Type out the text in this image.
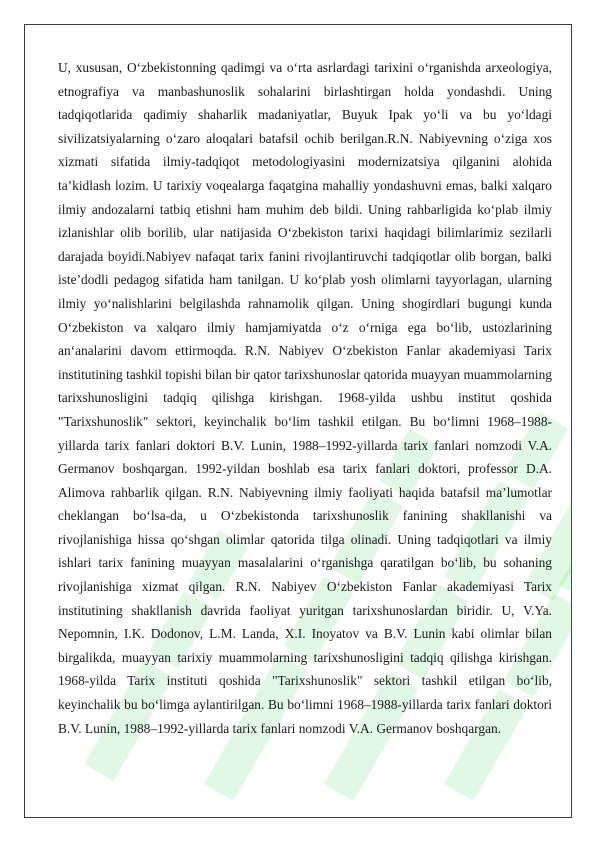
U, xususan, O‘zbekistonning qadimgi va o‘rta asrlardagi tarixini o‘rganishda arxeologiya, etnografiya va manbashunoslik sohalarini birlashtirgan holda yondashdi. Uning tadqiqotlarida qadimiy shaharlik madaniyatlar, Buyuk Ipak yo‘li va bu yo‘ldagi sivilizatsiyalarning o‘zaro aloqalari batafsil ochib berilgan.R.N. Nabiyevning o‘ziga xos xizmati sifatida ilmiy-tadqiqot metodologiyasini modernizatsiya qilganini alohida ta’kidlash lozim. U tarixiy voqealarga faqatgina mahalliy yondashuvni emas, balki xalqaro ilmiy andozalarni tatbiq etishni ham muhim deb bildi. Uning rahbarligida ko‘plab ilmiy izlanishlar olib borilib, ular natijasida O‘zbekiston tarixi haqidagi bilimlarimiz sezilarli darajada boyidi.Nabiyev nafaqat tarix fanini rivojlantiruvchi tadqiqotlar olib borgan, balki iste’dodli pedagog sifatida ham tanilgan. U ko‘plab yosh olimlarni tayyorlagan, ularning ilmiy yo‘nalishlarini belgilashda rahnamolik qilgan. Uning shogirdlari bugungi kunda O‘zbekiston va xalqaro ilmiy hamjamiyatda o‘z o‘rniga ega bo‘lib, ustozlarining an‘analarini davom ettirmoqda. R.N. Nabiyev O‘zbekiston Fanlar akademiyasi Tarix institutining tashkil topishi bilan bir qator tarixshunoslar qatorida muayyan muammolarning tarixshunosligini tadqiq qilishga kirishgan. 1968-yilda ushbu institut qoshida "Tarixshunoslik" sektori, keyinchalik bo‘lim tashkil etilgan. Bu bo‘limni 1968–1988-yillarda tarix fanlari doktori B.V. Lunin, 1988–1992-yillarda tarix fanlari nomzodi V.A. Germanov boshqargan. 1992-yildan boshlab esa tarix fanlari doktori, professor D.A. Alimova rahbarlik qilgan. R.N. Nabiyevning ilmiy faoliyati haqida batafsil ma’lumotlar cheklangan bo‘lsa-da, u O‘zbekistonda tarixshunoslik fanining shakllanishi va rivojlanishiga hissa qo‘shgan olimlar qatorida tilga olinadi. Uning tadqiqotlari va ilmiy ishlari tarix fanining muayyan masalalarini o‘rganishga qaratilgan bo‘lib, bu sohaning rivojlanishiga xizmat qilgan. R.N. Nabiyev O‘zbekiston Fanlar akademiyasi Tarix institutining shakllanish davrida faoliyat yuritgan tarixshunoslardan biridir. U, V.Ya. Nepomnin, I.K. Dodonov, L.M. Landa, X.I. Inoyatov va B.V. Lunin kabi olimlar bilan birgalikda, muayyan tarixiy muammolarning tarixshunosligini tadqiq qilishga kirishgan. 1968-yilda Tarix instituti qoshida "Tarixshunoslik" sektori tashkil etilgan bo‘lib, keyinchalik bu bo‘limga aylantirilgan. Bu bo‘limni 1968–1988-yillarda tarix fanlari doktori B.V. Lunin, 1988–1992-yillarda tarix fanlari nomzodi V.A. Germanov boshqargan.
